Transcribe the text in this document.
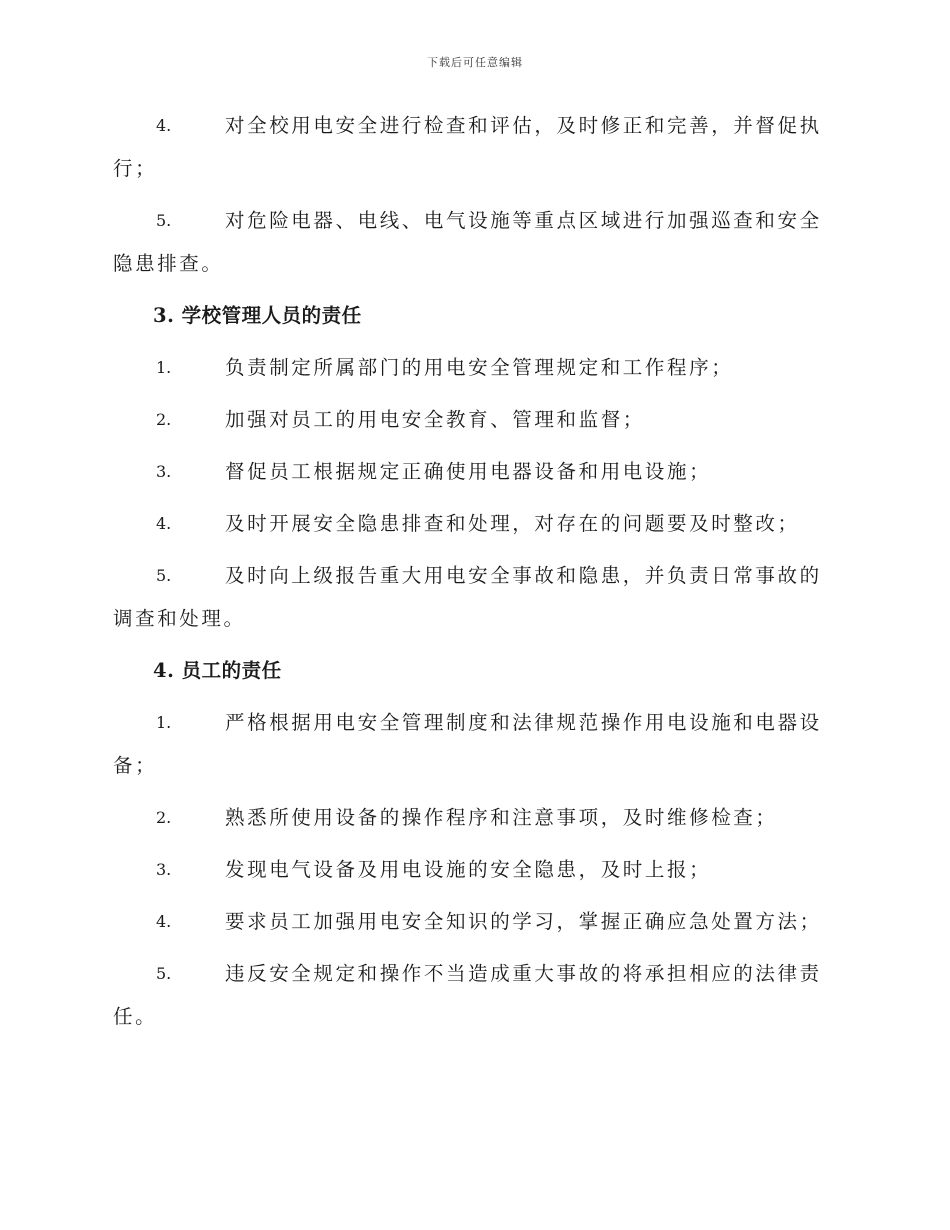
下载后可任意编辑
4.	对全校用电安全进行检查和评估，及时修正和完善，并督促执行；
5.	对危险电器、电线、电气设施等重点区域进行加强巡查和安全隐患排查。
3. 学校管理人员的责任
1.	负责制定所属部门的用电安全管理规定和工作程序；
2.	加强对员工的用电安全教育、管理和监督；
3.	督促员工根据规定正确使用电器设备和用电设施；
4.	及时开展安全隐患排查和处理，对存在的问题要及时整改；
5.	及时向上级报告重大用电安全事故和隐患，并负责日常事故的调查和处理。
4. 员工的责任
1.	严格根据用电安全管理制度和法律规范操作用电设施和电器设备；
2.	熟悉所使用设备的操作程序和注意事项，及时维修检查；
3.	发现电气设备及用电设施的安全隐患，及时上报；
4.	要求员工加强用电安全知识的学习，掌握正确应急处置方法；
5.	违反安全规定和操作不当造成重大事故的将承担相应的法律责任。
